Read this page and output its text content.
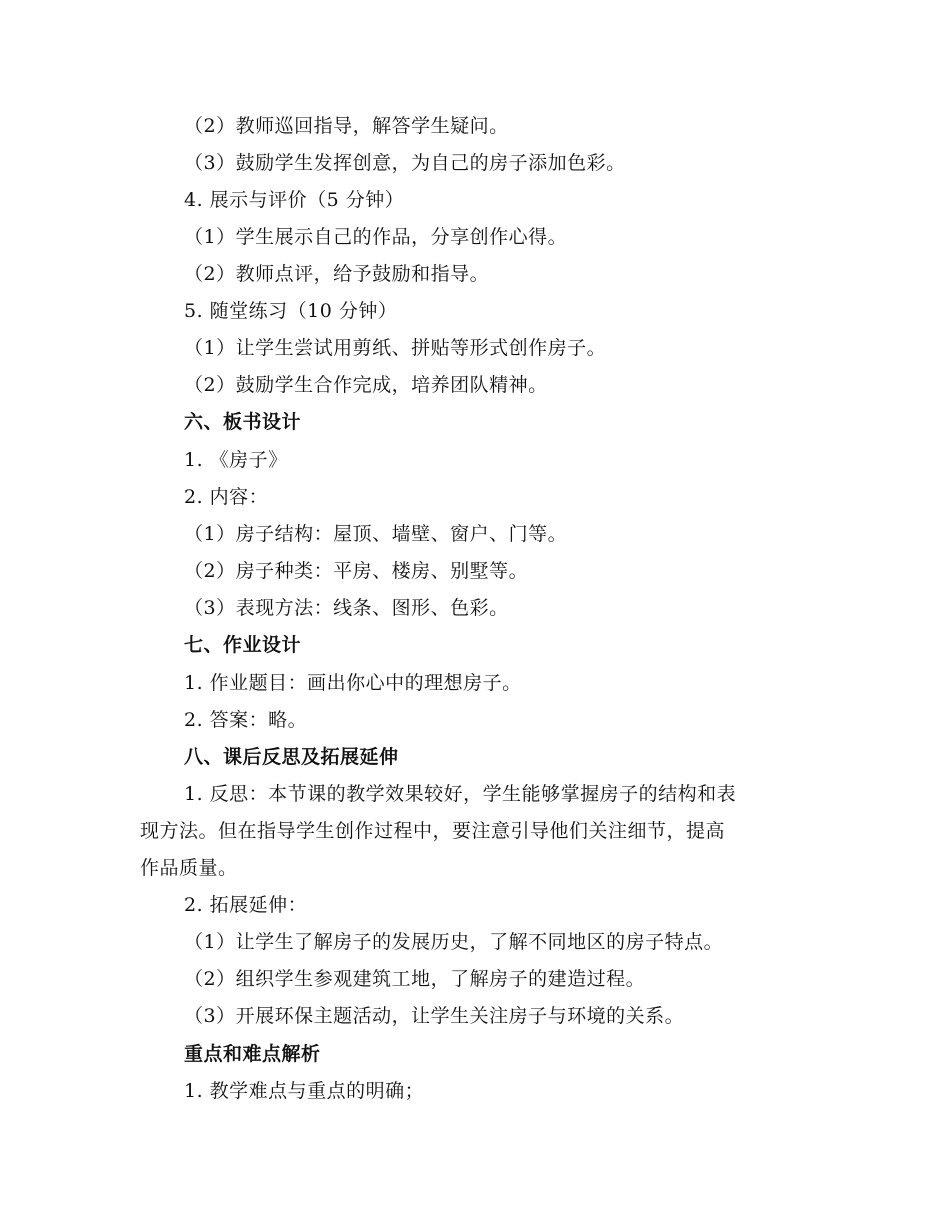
（2）教师巡回指导，解答学生疑问。
（3）鼓励学生发挥创意，为自己的房子添加色彩。
4. 展示与评价（5 分钟）
（1）学生展示自己的作品，分享创作心得。
（2）教师点评，给予鼓励和指导。
5. 随堂练习（10 分钟）
（1）让学生尝试用剪纸、拼贴等形式创作房子。
（2）鼓励学生合作完成，培养团队精神。
六、板书设计
1. 《房子》
2. 内容：
（1）房子结构：屋顶、墙壁、窗户、门等。
（2）房子种类：平房、楼房、别墅等。
（3）表现方法：线条、图形、色彩。
七、作业设计
1. 作业题目：画出你心中的理想房子。
2. 答案：略。
八、课后反思及拓展延伸
1. 反思：本节课的教学效果较好，学生能够掌握房子的结构和表
现方法。但在指导学生创作过程中，要注意引导他们关注细节，提高
作品质量。
2. 拓展延伸：
（1）让学生了解房子的发展历史，了解不同地区的房子特点。
（2）组织学生参观建筑工地，了解房子的建造过程。
（3）开展环保主题活动，让学生关注房子与环境的关系。
重点和难点解析
1. 教学难点与重点的明确；
